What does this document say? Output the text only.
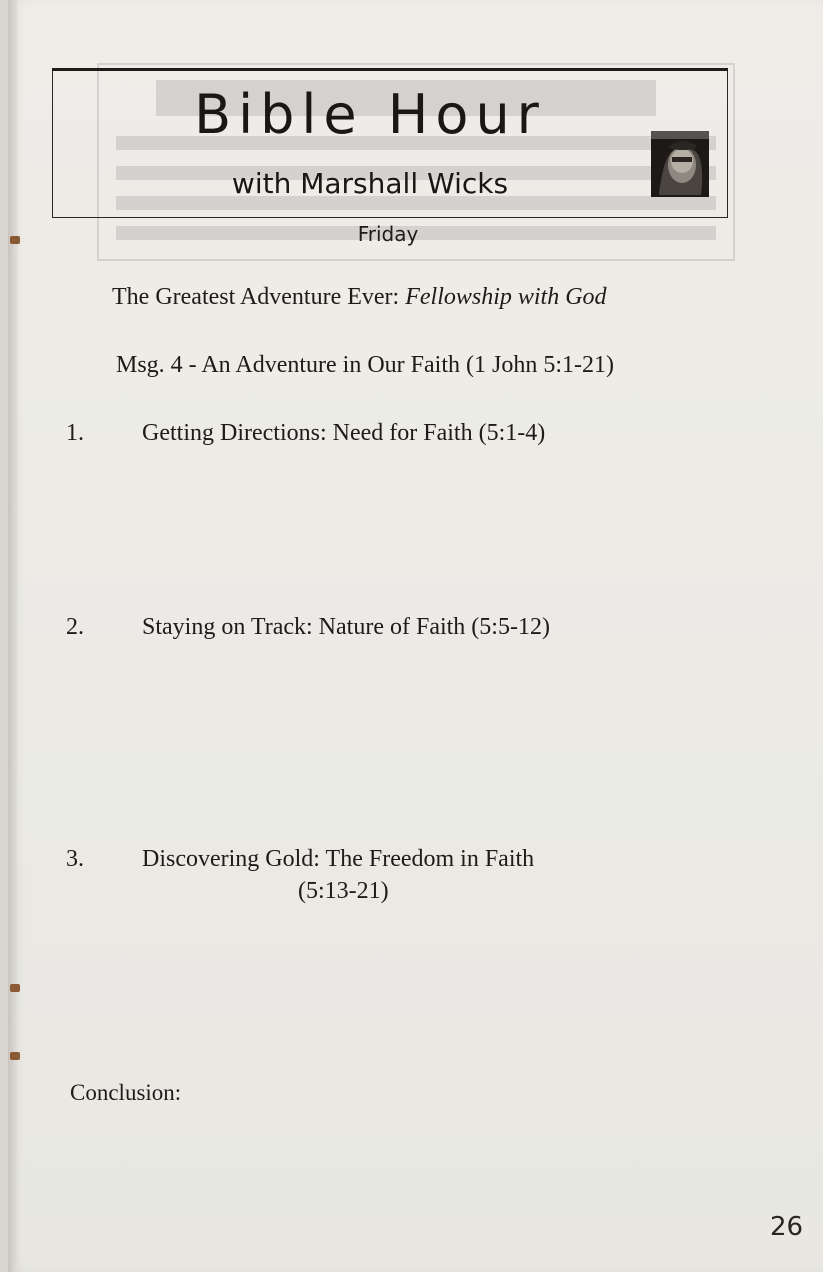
Bible Hour
with Marshall Wicks
Friday
The Greatest Adventure Ever: Fellowship with God
Msg. 4 - An Adventure in Our Faith (1 John 5:1-21)
1. Getting Directions: Need for Faith (5:1-4)
2. Staying on Track: Nature of Faith (5:5-12)
3. Discovering Gold: The Freedom in Faith
(5:13-21)
Conclusion:
26
